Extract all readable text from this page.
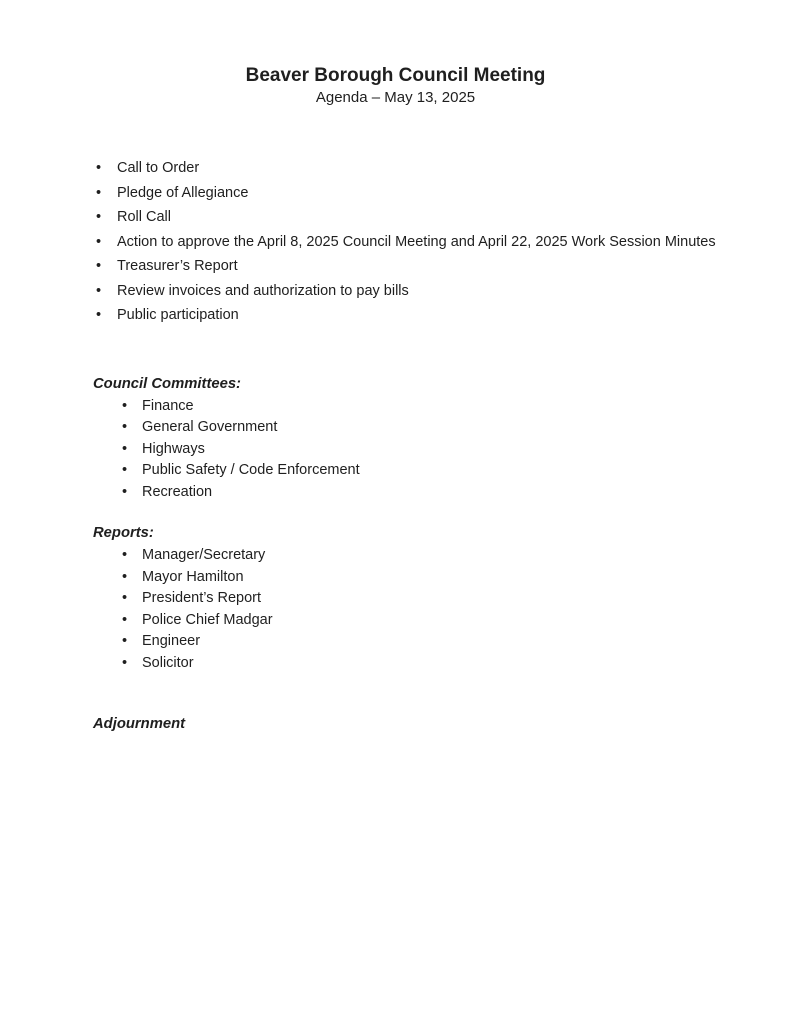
Beaver Borough Council Meeting
Agenda – May 13, 2025
• Call to Order
• Pledge of Allegiance
• Roll Call
• Action to approve the April 8, 2025 Council Meeting and April 22, 2025 Work Session Minutes
• Treasurer’s Report
• Review invoices and authorization to pay bills
• Public participation
Council Committees:
• Finance
• General Government
• Highways
• Public Safety / Code Enforcement
• Recreation
Reports:
• Manager/Secretary
• Mayor Hamilton
• President’s Report
• Police Chief Madgar
• Engineer
• Solicitor
Adjournment
